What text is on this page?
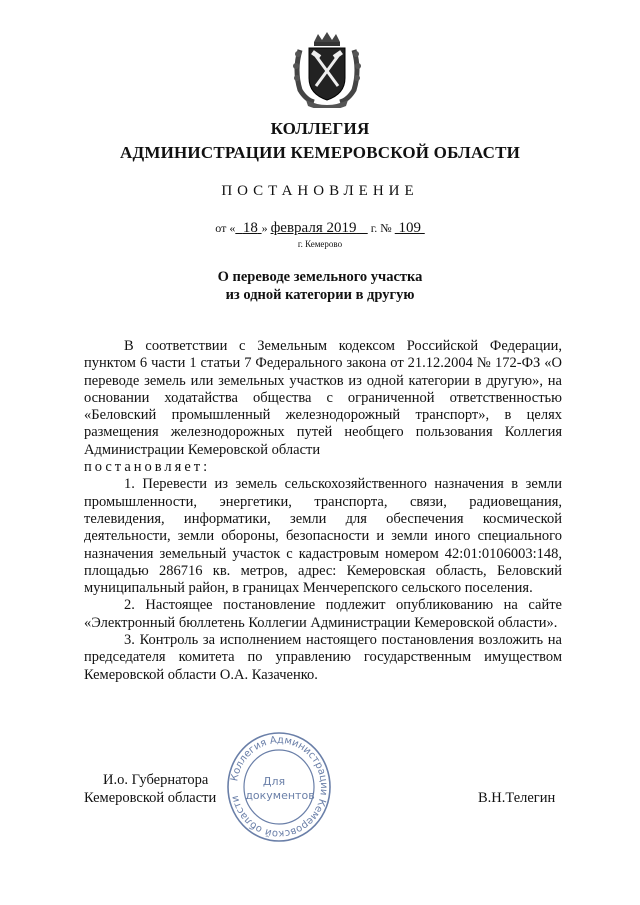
КОЛЛЕГИЯ
АДМИНИСТРАЦИИ КЕМЕРОВСКОЙ ОБЛАСТИ
ПОСТАНОВЛЕНИЕ
от « 18 » февраля 2019 г. № 109
г. Кемерово
О переводе земельного участка
из одной категории в другую
В соответствии с Земельным кодексом Российской Федерации, пунктом 6 части 1 статьи 7 Федерального закона от 21.12.2004 № 172-ФЗ «О переводе земель или земельных участков из одной категории в другую», на основании ходатайства общества с ограниченной ответственностью «Беловский промышленный железнодорожный транспорт», в целях размещения железнодорожных путей необщего пользования Коллегия Администрации Кемеровской области
постановляет:
1. Перевести из земель сельскохозяйственного назначения в земли промышленности, энергетики, транспорта, связи, радиовещания, телевидения, информатики, земли для обеспечения космической деятельности, земли обороны, безопасности и земли иного специального назначения земельный участок с кадастровым номером 42:01:0106003:148, площадью 286716 кв. метров, адрес: Кемеровская область, Беловский муниципальный район, в границах Менчерепского сельского поселения.
2. Настоящее постановление подлежит опубликованию на сайте «Электронный бюллетень Коллегии Администрации Кемеровской области».
3. Контроль за исполнением настоящего постановления возложить на председателя комитета по управлению государственным имуществом Кемеровской области О.А. Казаченко.
И.о. Губернатора
Кемеровской области	В.Н.Телегин
Коллегия Администрации Кемеровской области
Для
документов
